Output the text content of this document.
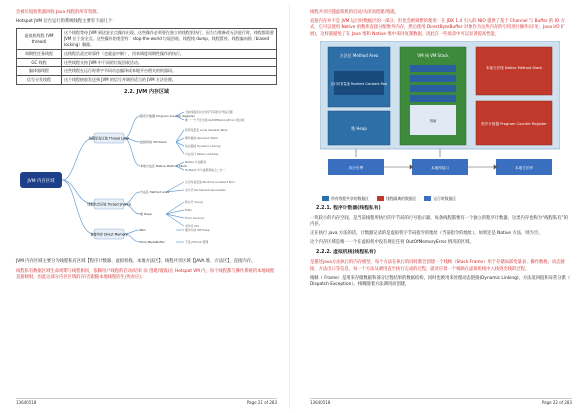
会被垃圾收集器回收 Java 线程的所有资源。

Hotspot JVM 后台运行的系统线程主要有下面几个：

虚拟机线程 (VM thread)	这个线程等待 JVM 到达安全点操作出现。这些操作必须要在独立的线程里执行，因为当堆修改无法进行时，线程都需要 JVM 位于安全点。这些操作的类型有：stop-the-world 垃圾回收、线程栈 dump、线程暂停、线程偏向锁（biased locking）解除。
周期性任务线程	这线程负责定时事件（也就是中断），用来调度周期性操作的执行。
GC 线程	这些线程支持 JVM 中不同的垃圾回收活动。
编译器线程	这些线程在运行时将字节码动态编译成本地平台相关的机器码。
信号分发线程	这个线程接收发送到 JVM 的信号并调用适当的 JVM 方法处理。
2.2. JVM 内存区域
JVM 内存区域
线程私有区域 Thread Local
线程共享区域 Thread Shared
直接内存 Direct Memory
程序计数器 Program Counter Register
虚拟机栈 VM Stack
本地方法区 Native Method Stack
方法区 Method Area
堆 Heap
NIO
DirectByteBuffer
当前线程所执行的字节码的行号指示器
唯一一个不会出现 OutOfMemoryError 的区域
局部变量表 Local Variable Table
操作数栈 Operand Stack
动态链接 Dynamic Linking
方法出口 Return Address
Native 方法服务
HotSpot 中与虚拟机栈合二为一
运行时常量池 Runtime Constant Pool
永久代 Permanent Generation
新生代 Young
Eden
From Survivor
老年代 Old
堆外内存 Off-Heap
不受 JVM GC 管理

JVM 内存区域主要分为线程私有区域【程序计数器、虚拟机栈、本地方法区】、线程共享区域【JAVA 堆、方法区】、直接内存。

线程私有数据区域生命周期与线程相同，依赖用户线程的启动/结束 而 创建/销毁(在 Hotspot VM 内，每个线程都与操作系统的本地线程直接映射，因此这部分内存区域的存/否跟随本地线程的生/死对应)。

13640518	Page 21 of 283

线程共享区随虚拟机的启动/关闭而创建/销毁。

直接内存并不是 JVM 运行时数据区的一部分，但也会被频繁的使用：在 JDK 1.4 引入的 NIO 提供了基于 Channel 与 Buffer 的 IO 方式，它可以使用 Native 函数库直接分配堆外内存，然后使用 DirectByteBuffer 对象作为这块内存的引用进行操作(详见：Java I/O 扩展)，这样就避免了在 Java 堆和 Native 堆中来回复制数据，因此在一些场景中可以显著提高性能。

方法区 Method Area
运行时常量池 Runtime Constant Pool
堆 Heap
VM 栈 VM Stack
栈帧
本地方法栈 Native Method Stack
程序计数器 Program Counter Register
执行引擎	本地库接口	本地方法库
所有线程共享的数据区	线程隔离的数据区	运行时数据区
2.2.1. 程序计数器(线程私有)

一块较小的内存空间，是当前线程所执行的字节码的行号指示器，每条线程都要有一个独立的程序计数器，这类内存也称为“线程私有”的内存。

正在执行 java 方法的话，计数器记录的是虚拟机字节码指令的地址（当前指令的地址）。如果还是 Native 方法，则为空。

这个内存区域是唯一一个在虚拟机中没有规定任何 OutOfMemoryError 情况的区域。

2.2.2. 虚拟机栈(线程私有)

是描述java方法执行的内存模型，每个方法在执行的同时都会创建一个栈帧（Stack Frame）用于存储局部变量表、操作数栈、动态链接、方法出口等信息。每一个方法从调用直至执行完成的过程，就对应着一个栈帧在虚拟机栈中入栈到出栈的过程。

栈帧（ Frame）是用来存储数据和部分过程结果的数据结构，同时也被用来处理动态链接(Dynamic Linking)、方法返回值和异常分派（ Dispatch Exception）。栈帧随着方法调用而创建，

13640518	Page 22 of 283
